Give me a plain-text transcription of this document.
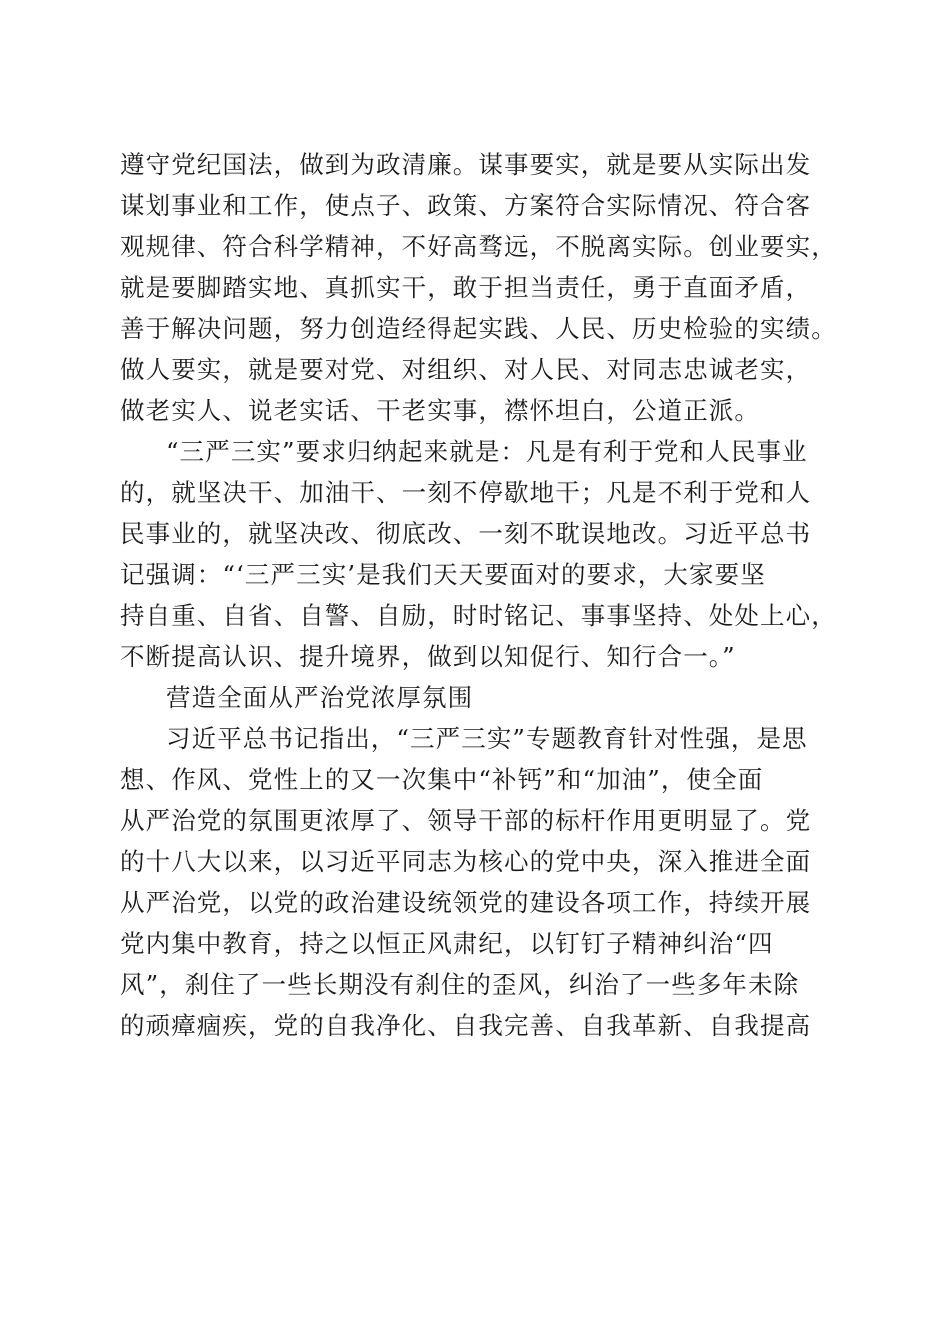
遵守党纪国法，做到为政清廉。谋事要实，就是要从实际出发
谋划事业和工作，使点子、政策、方案符合实际情况、符合客
观规律、符合科学精神，不好高骛远，不脱离实际。创业要实，
就是要脚踏实地、真抓实干，敢于担当责任，勇于直面矛盾，
善于解决问题，努力创造经得起实践、人民、历史检验的实绩。
做人要实，就是要对党、对组织、对人民、对同志忠诚老实，
做老实人、说老实话、干老实事，襟怀坦白，公道正派。
“三严三实”要求归纳起来就是：凡是有利于党和人民事业
的，就坚决干、加油干、一刻不停歇地干；凡是不利于党和人
民事业的，就坚决改、彻底改、一刻不耽误地改。习近平总书
记强调：“‘三严三实’是我们天天要面对的要求，大家要坚
持自重、自省、自警、自励，时时铭记、事事坚持、处处上心，
不断提高认识、提升境界，做到以知促行、知行合一。”
营造全面从严治党浓厚氛围
习近平总书记指出，“三严三实”专题教育针对性强，是思
想、作风、党性上的又一次集中“补钙”和“加油”，使全面
从严治党的氛围更浓厚了、领导干部的标杆作用更明显了。党
的十八大以来，以习近平同志为核心的党中央，深入推进全面
从严治党，以党的政治建设统领党的建设各项工作，持续开展
党内集中教育，持之以恒正风肃纪，以钉钉子精神纠治“四
风”，刹住了一些长期没有刹住的歪风，纠治了一些多年未除
的顽瘴痼疾，党的自我净化、自我完善、自我革新、自我提高
